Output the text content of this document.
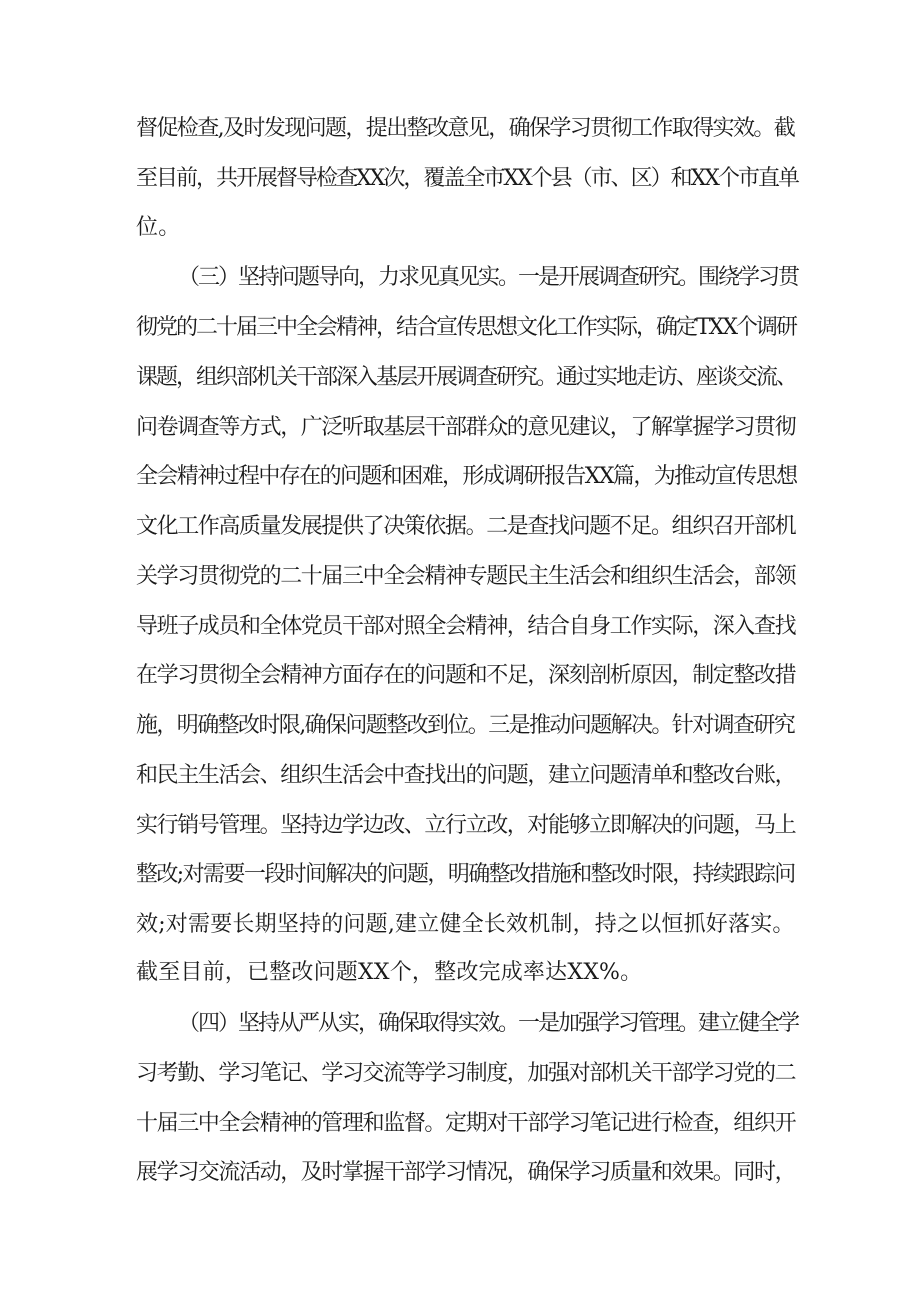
督促检查,及时发现问题，提出整改意见，确保学习贯彻工作取得实效。截

至目前，共开展督导检查XX次，覆盖全市XX个县（市、区）和XX个市直单

位。

（三）坚持问题导向，力求见真见实。一是开展调查研究。围绕学习贯

彻党的二十届三中全会精神，结合宣传思想文化工作实际，确定TXX个调研

课题，组织部机关干部深入基层开展调查研究。通过实地走访、座谈交流、

问卷调查等方式，广泛听取基层干部群众的意见建议，了解掌握学习贯彻

全会精神过程中存在的问题和困难，形成调研报告XX篇，为推动宣传思想

文化工作高质量发展提供了决策依据。二是查找问题不足。组织召开部机

关学习贯彻党的二十届三中全会精神专题民主生活会和组织生活会，部领

导班子成员和全体党员干部对照全会精神，结合自身工作实际，深入查找

在学习贯彻全会精神方面存在的问题和不足，深刻剖析原因，制定整改措

施，明确整改时限,确保问题整改到位。三是推动问题解决。针对调查研究

和民主生活会、组织生活会中查找出的问题，建立问题清单和整改台账，

实行销号管理。坚持边学边改、立行立改，对能够立即解决的问题，马上

整改;对需要一段时间解决的问题，明确整改措施和整改时限，持续跟踪问

效;对需要长期坚持的问题,建立健全长效机制，持之以恒抓好落实。

截至目前，已整改问题XX个，整改完成率达XX%。

（四）坚持从严从实，确保取得实效。一是加强学习管理。建立健全学

习考勤、学习笔记、学习交流等学习制度，加强对部机关干部学习党的二

十届三中全会精神的管理和监督。定期对干部学习笔记进行检查，组织开

展学习交流活动，及时掌握干部学习情况，确保学习质量和效果。同时，
